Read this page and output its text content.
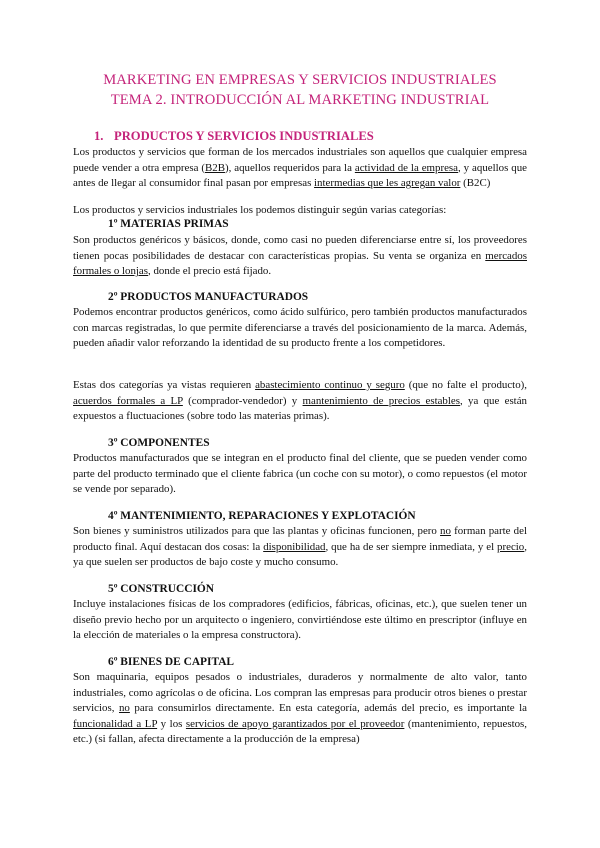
MARKETING EN EMPRESAS Y SERVICIOS INDUSTRIALES
TEMA 2. INTRODUCCIÓN AL MARKETING INDUSTRIAL
1. PRODUCTOS Y SERVICIOS INDUSTRIALES
Los productos y servicios que forman de los mercados industriales son aquellos que cualquier empresa puede vender a otra empresa (B2B), aquellos requeridos para la actividad de la empresa, y aquellos que antes de llegar al consumidor final pasan por empresas intermedias que les agregan valor (B2C)
Los productos y servicios industriales los podemos distinguir según varias categorías:
1º MATERIAS PRIMAS
Son productos genéricos y básicos, donde, como casi no pueden diferenciarse entre sí, los proveedores tienen pocas posibilidades de destacar con características propias. Su venta se organiza en mercados formales o lonjas, donde el precio está fijado.
2º PRODUCTOS MANUFACTURADOS
Podemos encontrar productos genéricos, como ácido sulfúrico, pero también productos manufacturados con marcas registradas, lo que permite diferenciarse a través del posicionamiento de la marca. Además, pueden añadir valor reforzando la identidad de su producto frente a los competidores.
Estas dos categorías ya vistas requieren abastecimiento continuo y seguro (que no falte el producto), acuerdos formales a LP (comprador-vendedor) y mantenimiento de precios estables, ya que están expuestos a fluctuaciones (sobre todo las materias primas).
3º COMPONENTES
Productos manufacturados que se integran en el producto final del cliente, que se pueden vender como parte del producto terminado que el cliente fabrica (un coche con su motor), o como repuestos (el motor se vende por separado).
4º MANTENIMIENTO, REPARACIONES Y EXPLOTACIÓN
Son bienes y suministros utilizados para que las plantas y oficinas funcionen, pero no forman parte del producto final. Aquí destacan dos cosas: la disponibilidad, que ha de ser siempre inmediata, y el precio, ya que suelen ser productos de bajo coste y mucho consumo.
5º CONSTRUCCIÓN
Incluye instalaciones físicas de los compradores (edificios, fábricas, oficinas, etc.), que suelen tener un diseño previo hecho por un arquitecto o ingeniero, convirtiéndose este último en prescriptor (influye en la elección de materiales o la empresa constructora).
6º BIENES DE CAPITAL
Son maquinaria, equipos pesados o industriales, duraderos y normalmente de alto valor, tanto industriales, como agrícolas o de oficina. Los compran las empresas para producir otros bienes o prestar servicios, no para consumirlos directamente. En esta categoría, además del precio, es importante la funcionalidad a LP y los servicios de apoyo garantizados por el proveedor (mantenimiento, repuestos, etc.) (si fallan, afecta directamente a la producción de la empresa)
